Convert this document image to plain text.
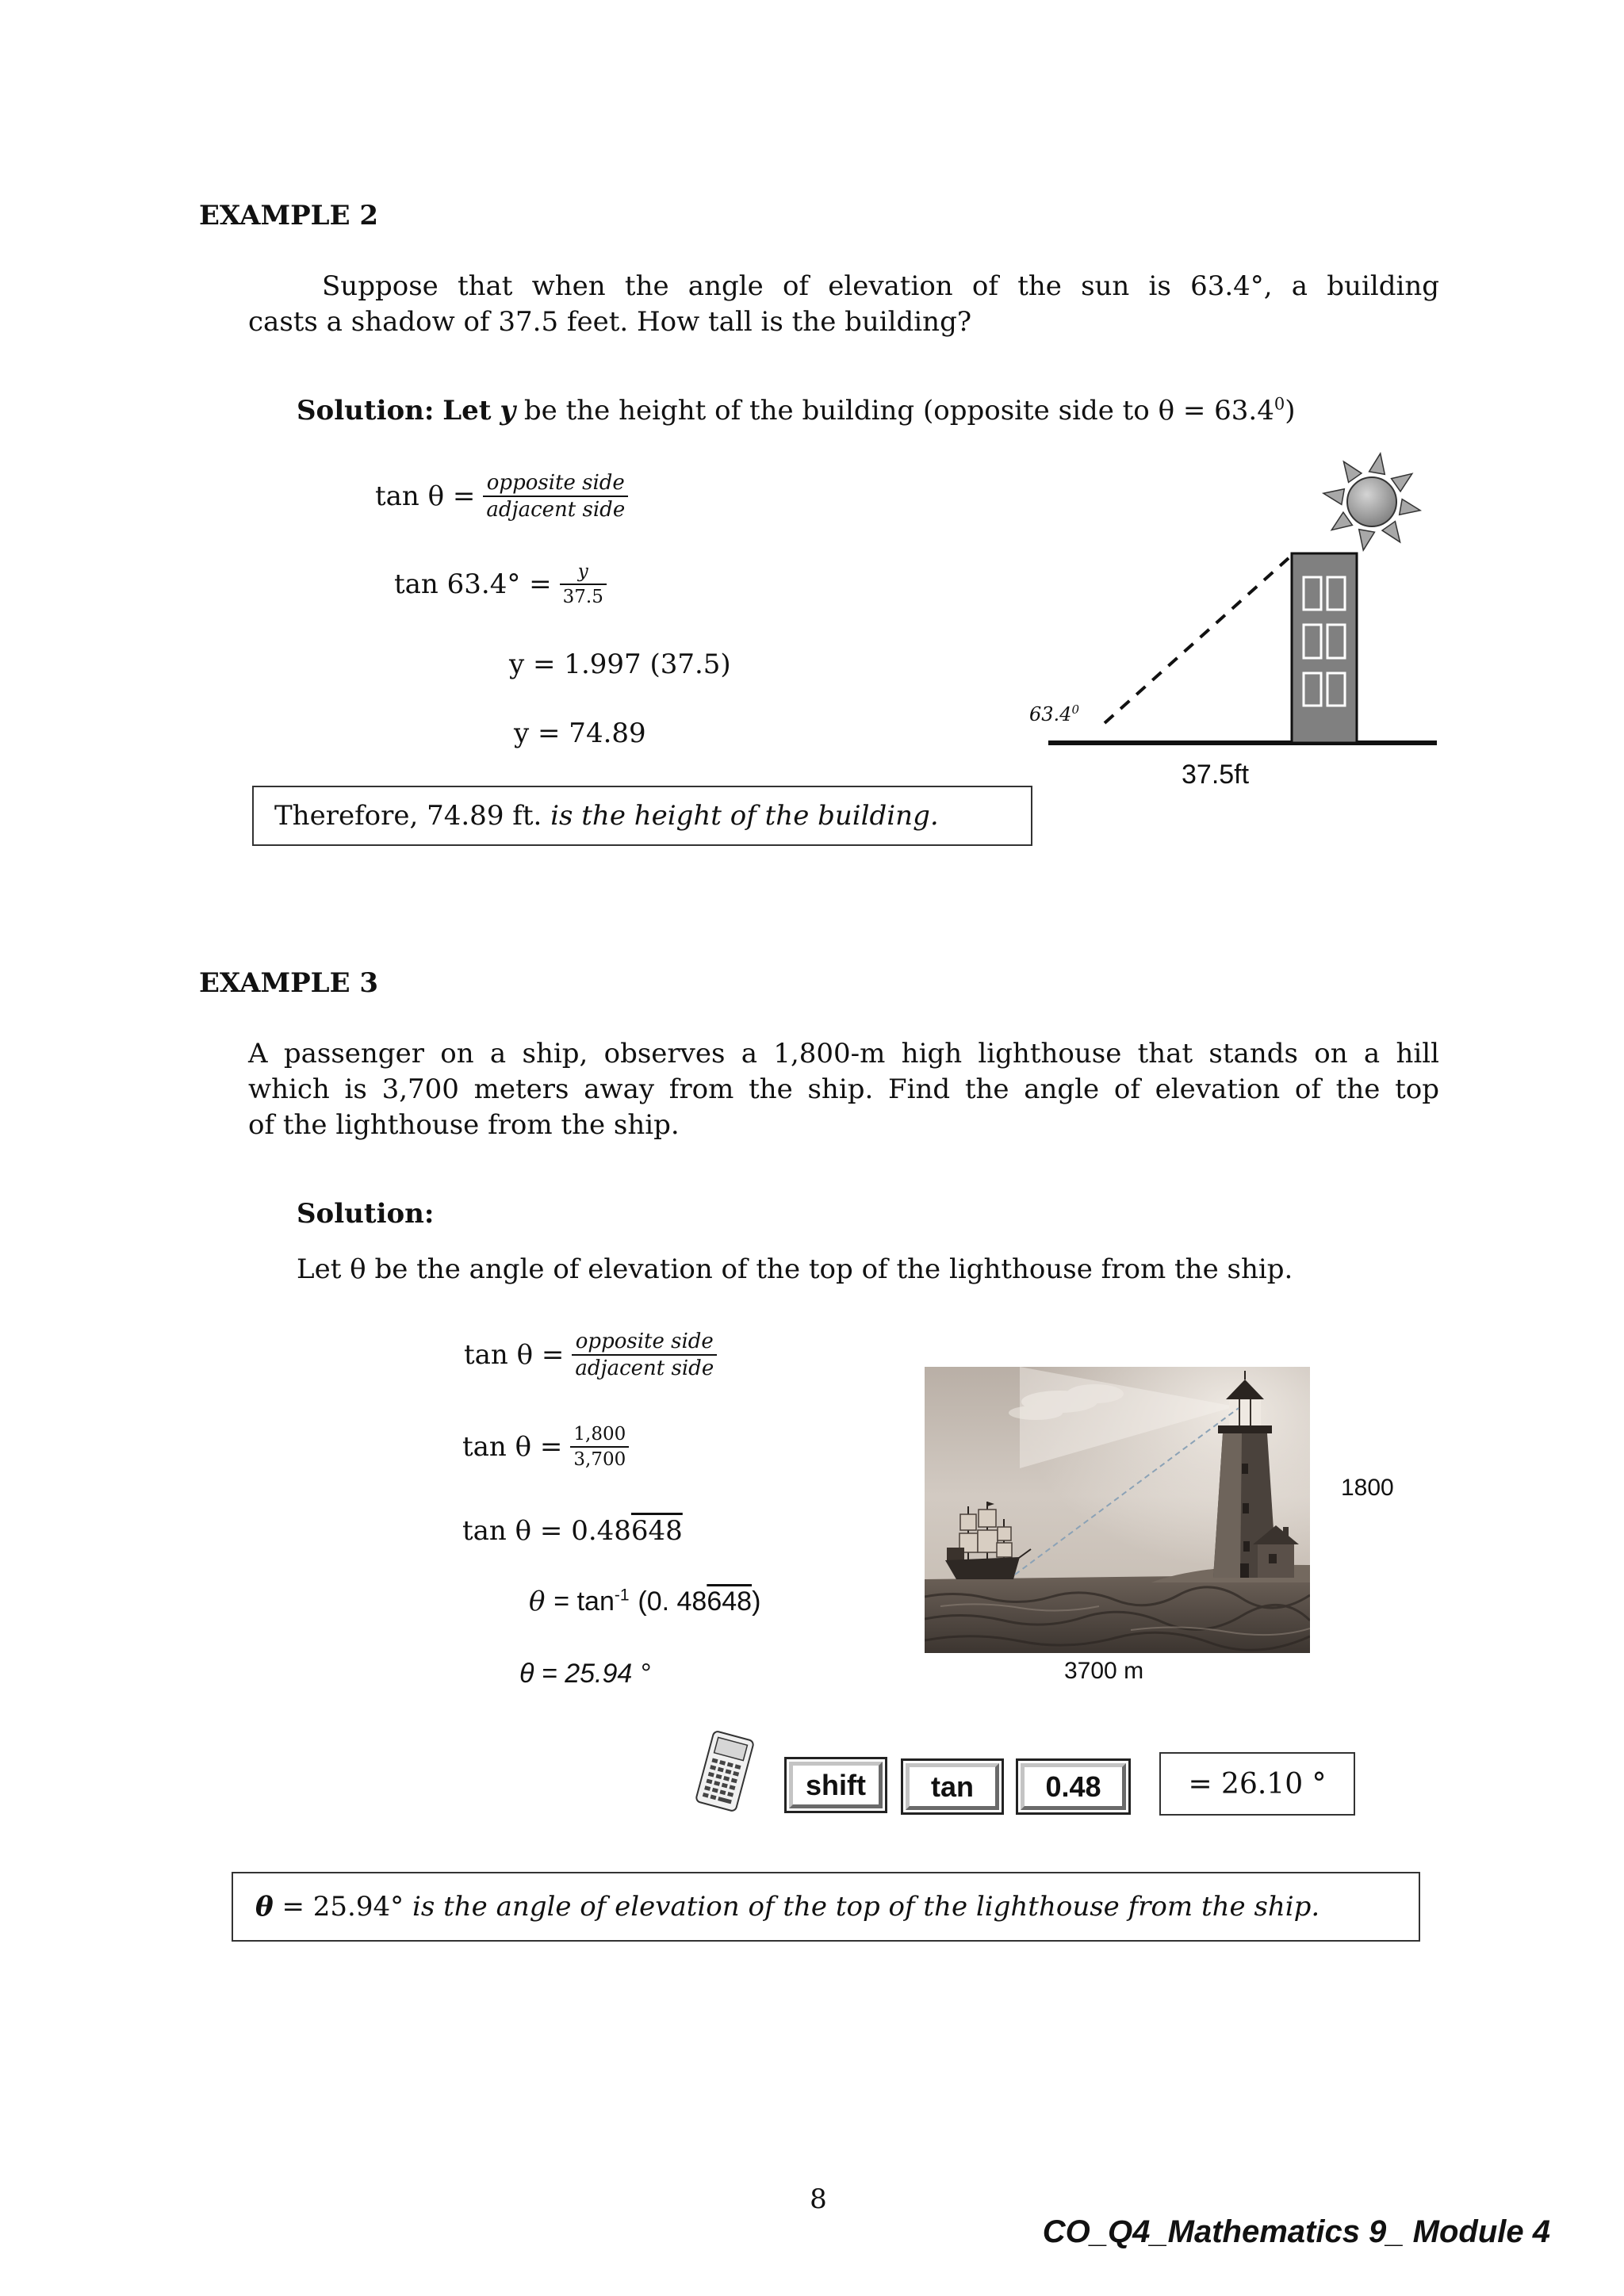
EXAMPLE 2
Suppose that when the angle of elevation of the sun is 63.4°, a building
casts a shadow of 37.5 feet. How tall is the building?
Solution: Let y be the height of the building (opposite side to $\theta = 63.4^0$)
$\tan \theta = \frac{\text{opposite side}}{\text{adjacent side}}$
$\tan 63.4^\circ = \frac{y}{37.5}$
y = 1.997 (37.5)
y = 74.89
Therefore, 74.89 ft.
is the height of the building.
63.4$^0$
37.5ft
EXAMPLE 3
A passenger on a ship, observes a 1,800-m high lighthouse that stands on a hill
which is 3,700 meters away from the ship. Find the angle of elevation of the top
of the lighthouse from the ship.
Solution:
Let θ be the angle of elevation of the top of the lighthouse from the ship.
$\tan \theta = \frac{\text{opposite side}}{\text{adjacent side}}$
$\tan \theta = \frac{1,800}{3,700}$
tan θ = 0.48648
$\theta = \tan^{-1} (0$. 48648)
θ = 25.94 °
1800
3700 m
shift	tan	0.48	= 26.10 °
θ
= 25.94°
is the angle of elevation of the top of the lighthouse from the ship.
8
CO_Q4_Mathematics 9_ Module 4
